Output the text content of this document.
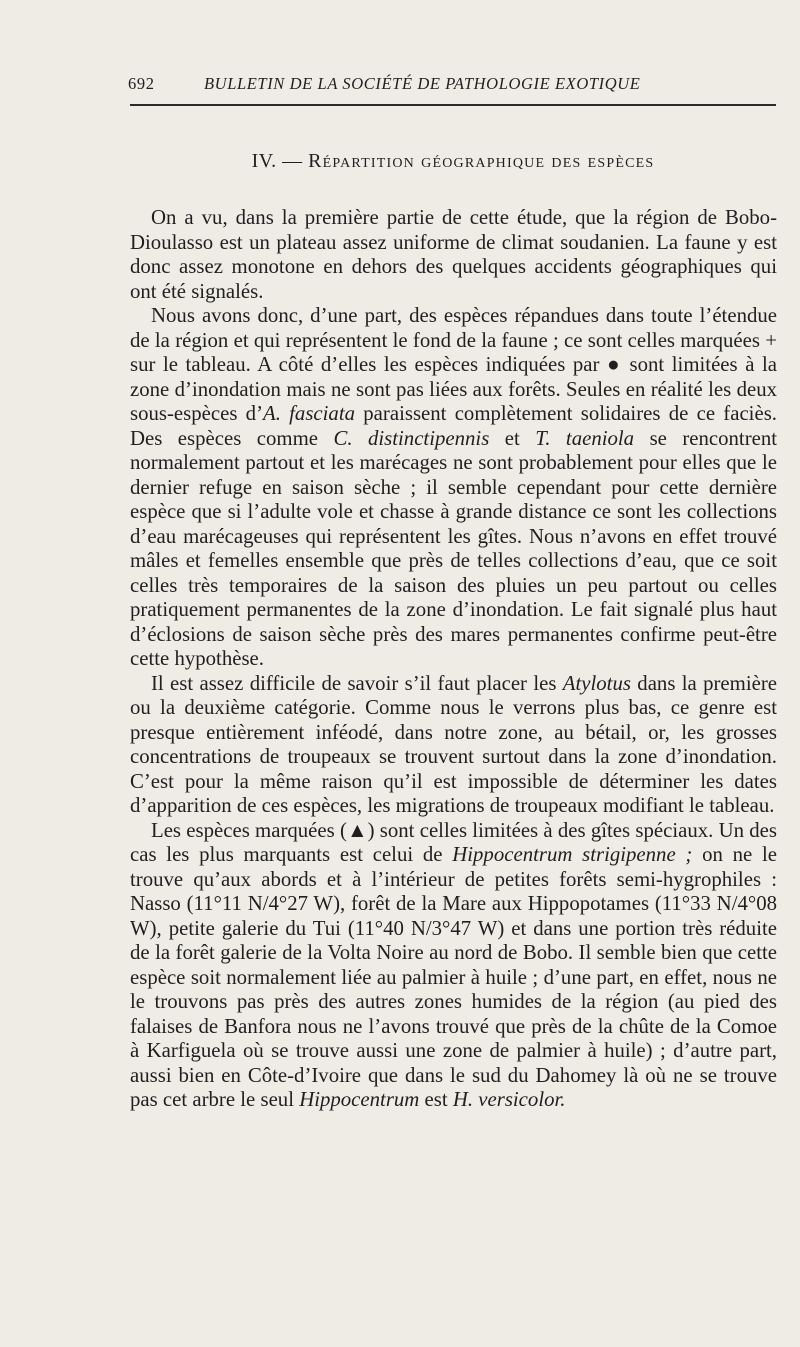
692	BULLETIN DE LA SOCIÉTÉ DE PATHOLOGIE EXOTIQUE
IV. — Répartition géographique des espèces

On a vu, dans la première partie de cette étude, que la région de Bobo-Dioulasso est un plateau assez uniforme de climat soudanien. La faune y est donc assez monotone en dehors des quelques accidents géographiques qui ont été signalés.

Nous avons donc, d’une part, des espèces répandues dans toute l’étendue de la région et qui représentent le fond de la faune ; ce sont celles marquées + sur le tableau. A côté d’elles les espèces indiquées par ● sont limitées à la zone d’inondation mais ne sont pas liées aux forêts. Seules en réalité les deux sous-espèces d’A. fasciata paraissent complètement solidaires de ce faciès. Des espèces comme C. distinctipennis et T. taeniola se rencontrent normalement partout et les marécages ne sont probablement pour elles que le dernier refuge en saison sèche ; il semble cependant pour cette dernière espèce que si l’adulte vole et chasse à grande distance ce sont les collections d’eau marécageuses qui représentent les gîtes. Nous n’avons en effet trouvé mâles et femelles ensemble que près de telles collections d’eau, que ce soit celles très temporaires de la saison des pluies un peu partout ou celles pratiquement permanentes de la zone d’inondation. Le fait signalé plus haut d’éclosions de saison sèche près des mares permanentes confirme peut-être cette hypothèse.

Il est assez difficile de savoir s’il faut placer les Atylotus dans la première ou la deuxième catégorie. Comme nous le verrons plus bas, ce genre est presque entièrement inféodé, dans notre zone, au bétail, or, les grosses concentrations de troupeaux se trouvent surtout dans la zone d’inondation. C’est pour la même raison qu’il est impossible de déterminer les dates d’apparition de ces espèces, les migrations de troupeaux modifiant le tableau.

Les espèces marquées (▲) sont celles limitées à des gîtes spéciaux. Un des cas les plus marquants est celui de Hippocentrum strigipenne ; on ne le trouve qu’aux abords et à l’intérieur de petites forêts semi-hygrophiles : Nasso (11°11 N/4°27 W), forêt de la Mare aux Hippopotames (11°33 N/4°08 W), petite galerie du Tui (11°40 N/3°47 W) et dans une portion très réduite de la forêt galerie de la Volta Noire au nord de Bobo. Il semble bien que cette espèce soit normalement liée au palmier à huile ; d’une part, en effet, nous ne le trouvons pas près des autres zones humides de la région (au pied des falaises de Banfora nous ne l’avons trouvé que près de la chûte de la Comoe à Karfiguela où se trouve aussi une zone de palmier à huile) ; d’autre part, aussi bien en Côte-d’Ivoire que dans le sud du Dahomey là où ne se trouve pas cet arbre le seul Hippocentrum est H. versicolor.
